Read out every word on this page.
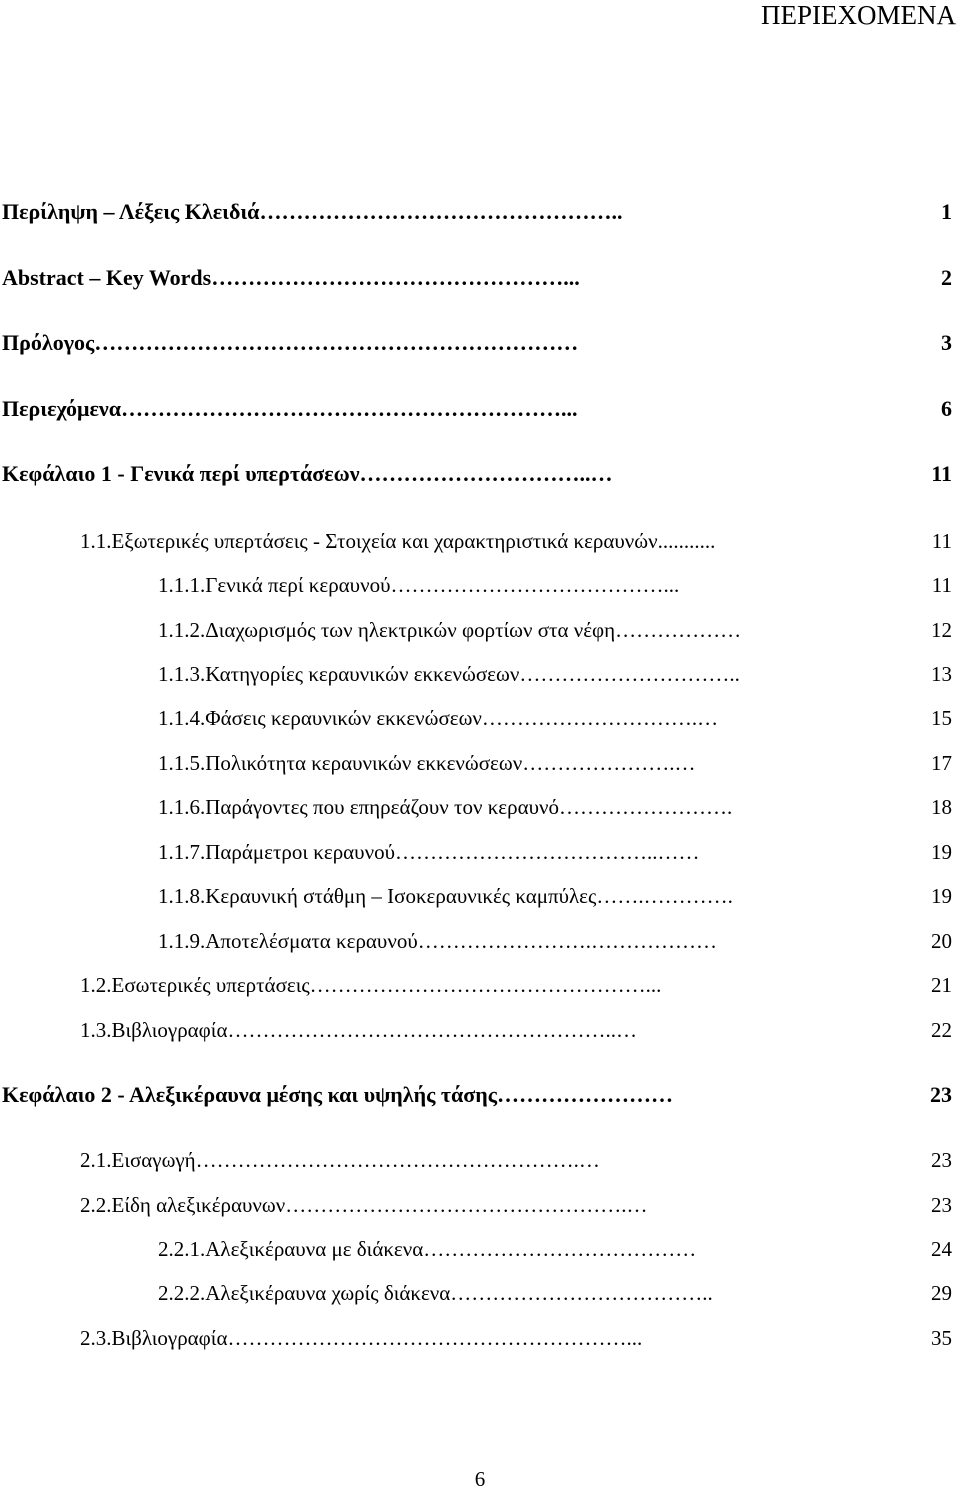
ΠΕΡΙΕΧΟΜΕΝΑ
Περίληψη – Λέξεις Κλειδιά …………………………………………..	1
Abstract – Key Words …………………………………………...	2
Πρόλογος …………………………………………………………	3
Περιεχόμενα ……………………………………………………...	6
Κεφάλαιο 1 - Γενικά περί υπερτάσεων …………………………..…	11
1.1.Εξωτερικές υπερτάσεις - Στοιχεία και χαρακτηριστικά κεραυνών ...........	11
1.1.1.Γενικά περί κεραυνού …………………………………...	11
1.1.2.Διαχωρισμός των ηλεκτρικών φορτίων στα νέφη ………………	12
1.1.3.Κατηγορίες κεραυνικών εκκενώσεων …………………………..	13
1.1.4.Φάσεις κεραυνικών εκκενώσεων ………………………….…	15
1.1.5.Πολικότητα κεραυνικών εκκενώσεων ………………….…	17
1.1.6.Παράγοντες που επηρεάζουν τον κεραυνό …………………….	18
1.1.7.Παράμετροι κεραυνού ………………………………..……	19
1.1.8.Κεραυνική στάθμη – Ισοκεραυνικές καμπύλες …….………….	19
1.1.9.Αποτελέσματα κεραυνού …………………….………………	20
1.2.Εσωτερικές υπερτάσεις …………………………………………...	21
1.3.Βιβλιογραφία ………………………………………………..…	22
Κεφάλαιο 2 - Αλεξικέραυνα μέσης και υψηλής τάσης ……………………	23
2.1.Εισαγωγή ……………………………………………….…	23
2.2.Είδη αλεξικέραυνων ………………………………………….…	23
2.2.1.Αλεξικέραυνα με διάκενα …………………………………	24
2.2.2.Αλεξικέραυνα χωρίς διάκενα ………………………………..	29
2.3.Βιβλιογραφία …………………………………………………...	35
6
